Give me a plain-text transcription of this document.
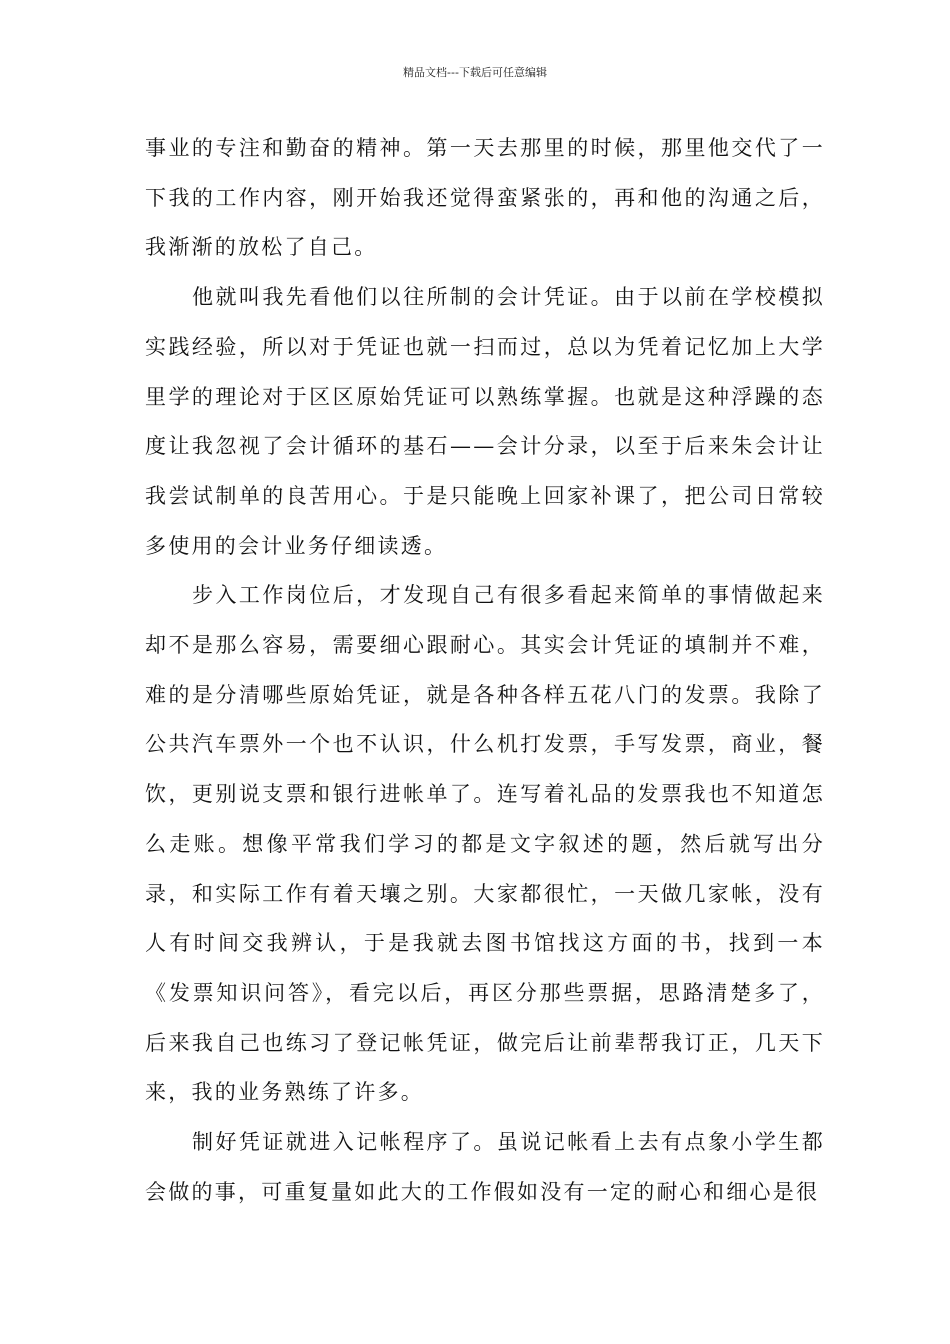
精品文档---下载后可任意编辑

事业的专注和勤奋的精神。第一天去那里的时候，那里他交代了一下我的工作内容，刚开始我还觉得蛮紧张的，再和他的沟通之后，我渐渐的放松了自己。

他就叫我先看他们以往所制的会计凭证。由于以前在学校模拟实践经验，所以对于凭证也就一扫而过，总以为凭着记忆加上大学里学的理论对于区区原始凭证可以熟练掌握。也就是这种浮躁的态度让我忽视了会计循环的基石——会计分录，以至于后来朱会计让我尝试制单的良苦用心。于是只能晚上回家补课了，把公司日常较多使用的会计业务仔细读透。

步入工作岗位后，才发现自己有很多看起来简单的事情做起来却不是那么容易，需要细心跟耐心。其实会计凭证的填制并不难，难的是分清哪些原始凭证，就是各种各样五花八门的发票。我除了公共汽车票外一个也不认识，什么机打发票，手写发票，商业，餐饮，更别说支票和银行进帐单了。连写着礼品的发票我也不知道怎么走账。想像平常我们学习的都是文字叙述的题，然后就写出分录，和实际工作有着天壤之别。大家都很忙，一天做几家帐，没有人有时间交我辨认，于是我就去图书馆找这方面的书，找到一本《发票知识问答》，看完以后，再区分那些票据，思路清楚多了，后来我自己也练习了登记帐凭证，做完后让前辈帮我订正，几天下来，我的业务熟练了许多。

制好凭证就进入记帐程序了。虽说记帐看上去有点象小学生都会做的事，可重复量如此大的工作假如没有一定的耐心和细心是很
